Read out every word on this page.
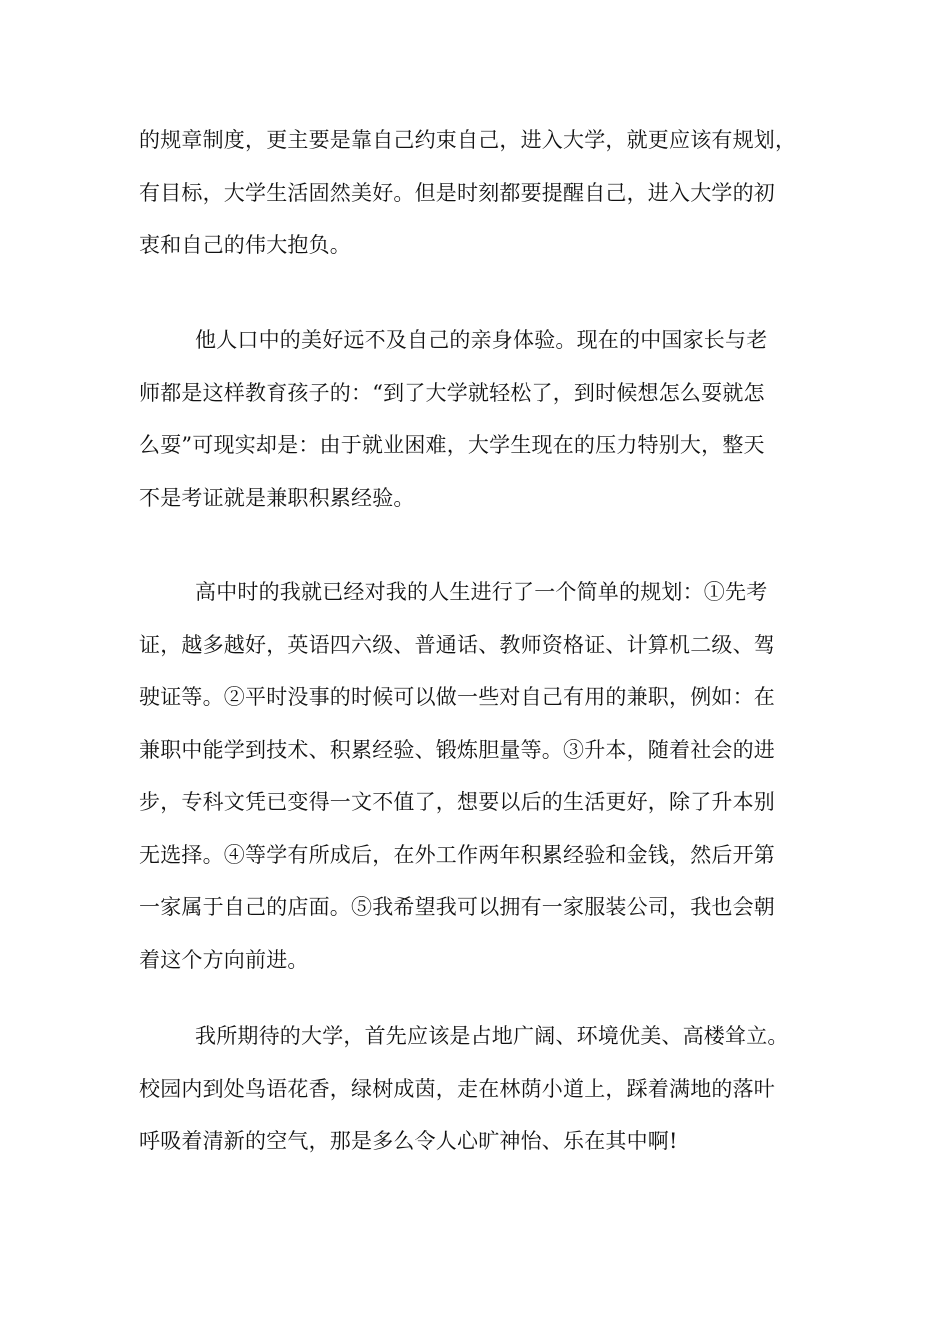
的规章制度，更主要是靠自己约束自己，进入大学，就更应该有规划，
有目标，大学生活固然美好。但是时刻都要提醒自己，进入大学的初
衷和自己的伟大抱负。

他人口中的美好远不及自己的亲身体验。现在的中国家长与老
师都是这样教育孩子的：“到了大学就轻松了，到时候想怎么耍就怎
么耍”可现实却是：由于就业困难，大学生现在的压力特别大，整天
不是考证就是兼职积累经验。

高中时的我就已经对我的人生进行了一个简单的规划：①先考
证，越多越好，英语四六级、普通话、教师资格证、计算机二级、驾
驶证等。②平时没事的时候可以做一些对自己有用的兼职，例如：在
兼职中能学到技术、积累经验、锻炼胆量等。③升本，随着社会的进
步，专科文凭已变得一文不值了，想要以后的生活更好，除了升本别
无选择。④等学有所成后，在外工作两年积累经验和金钱，然后开第
一家属于自己的店面。⑤我希望我可以拥有一家服装公司，我也会朝
着这个方向前进。

我所期待的大学，首先应该是占地广阔、环境优美、高楼耸立。
校园内到处鸟语花香，绿树成茵，走在林荫小道上，踩着满地的落叶
呼吸着清新的空气，那是多么令人心旷神怡、乐在其中啊!
